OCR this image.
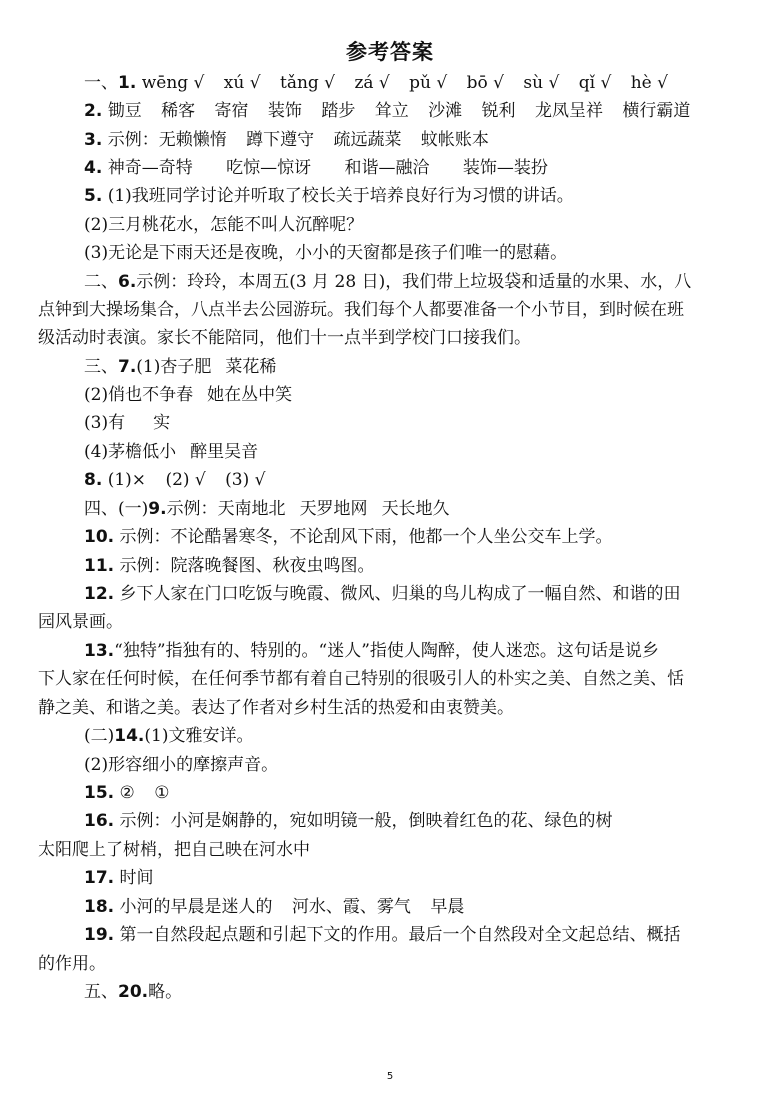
参考答案
一、1. wēng √ xú √ tǎng √ zá √ pǔ √ bō √ sù √ qǐ √ hè √
2. 锄豆 稀客 寄宿 装饰 踏步 耸立 沙滩 锐利 龙凤呈祥 横行霸道
3. 示例：无赖懒惰 蹲下遵守 疏远蔬菜 蚊帐账本
4. 神奇—奇特 吃惊—惊讶 和谐—融洽 装饰—装扮
5. (1)我班同学讨论并听取了校长关于培养良好行为习惯的讲话。
(2)三月桃花水，怎能不叫人沉醉呢？
(3)无论是下雨天还是夜晚，小小的天窗都是孩子们唯一的慰藉。
二、6.示例：玲玲，本周五(3 月 28 日)，我们带上垃圾袋和适量的水果、水，八
点钟到大操场集合，八点半去公园游玩。我们每个人都要准备一个小节目，到时候在班
级活动时表演。家长不能陪同，他们十一点半到学校门口接我们。
三、7.(1)杏子肥 菜花稀
(2)俏也不争春 她在丛中笑
(3)有 实
(4)茅檐低小 醉里吴音
8. (1)× (2) √ (3) √
四、(一)9.示例：天南地北 天罗地网 天长地久
10. 示例：不论酷暑寒冬，不论刮风下雨，他都一个人坐公交车上学。
11. 示例：院落晚餐图、秋夜虫鸣图。
12. 乡下人家在门口吃饭与晚霞、微风、归巢的鸟儿构成了一幅自然、和谐的田
园风景画。
13.“独特”指独有的、特别的。“迷人”指使人陶醉，使人迷恋。这句话是说乡
下人家在任何时候，在任何季节都有着自己特别的很吸引人的朴实之美、自然之美、恬
静之美、和谐之美。表达了作者对乡村生活的热爱和由衷赞美。
(二)14.(1)文雅安详。
(2)形容细小的摩擦声音。
15. ② ①
16. 示例：小河是娴静的，宛如明镜一般，倒映着红色的花、绿色的树
太阳爬上了树梢，把自己映在河水中
17. 时间
18. 小河的早晨是迷人的 河水、霞、雾气 早晨
19. 第一自然段起点题和引起下文的作用。最后一个自然段对全文起总结、概括
的作用。
五、20.略。
5
